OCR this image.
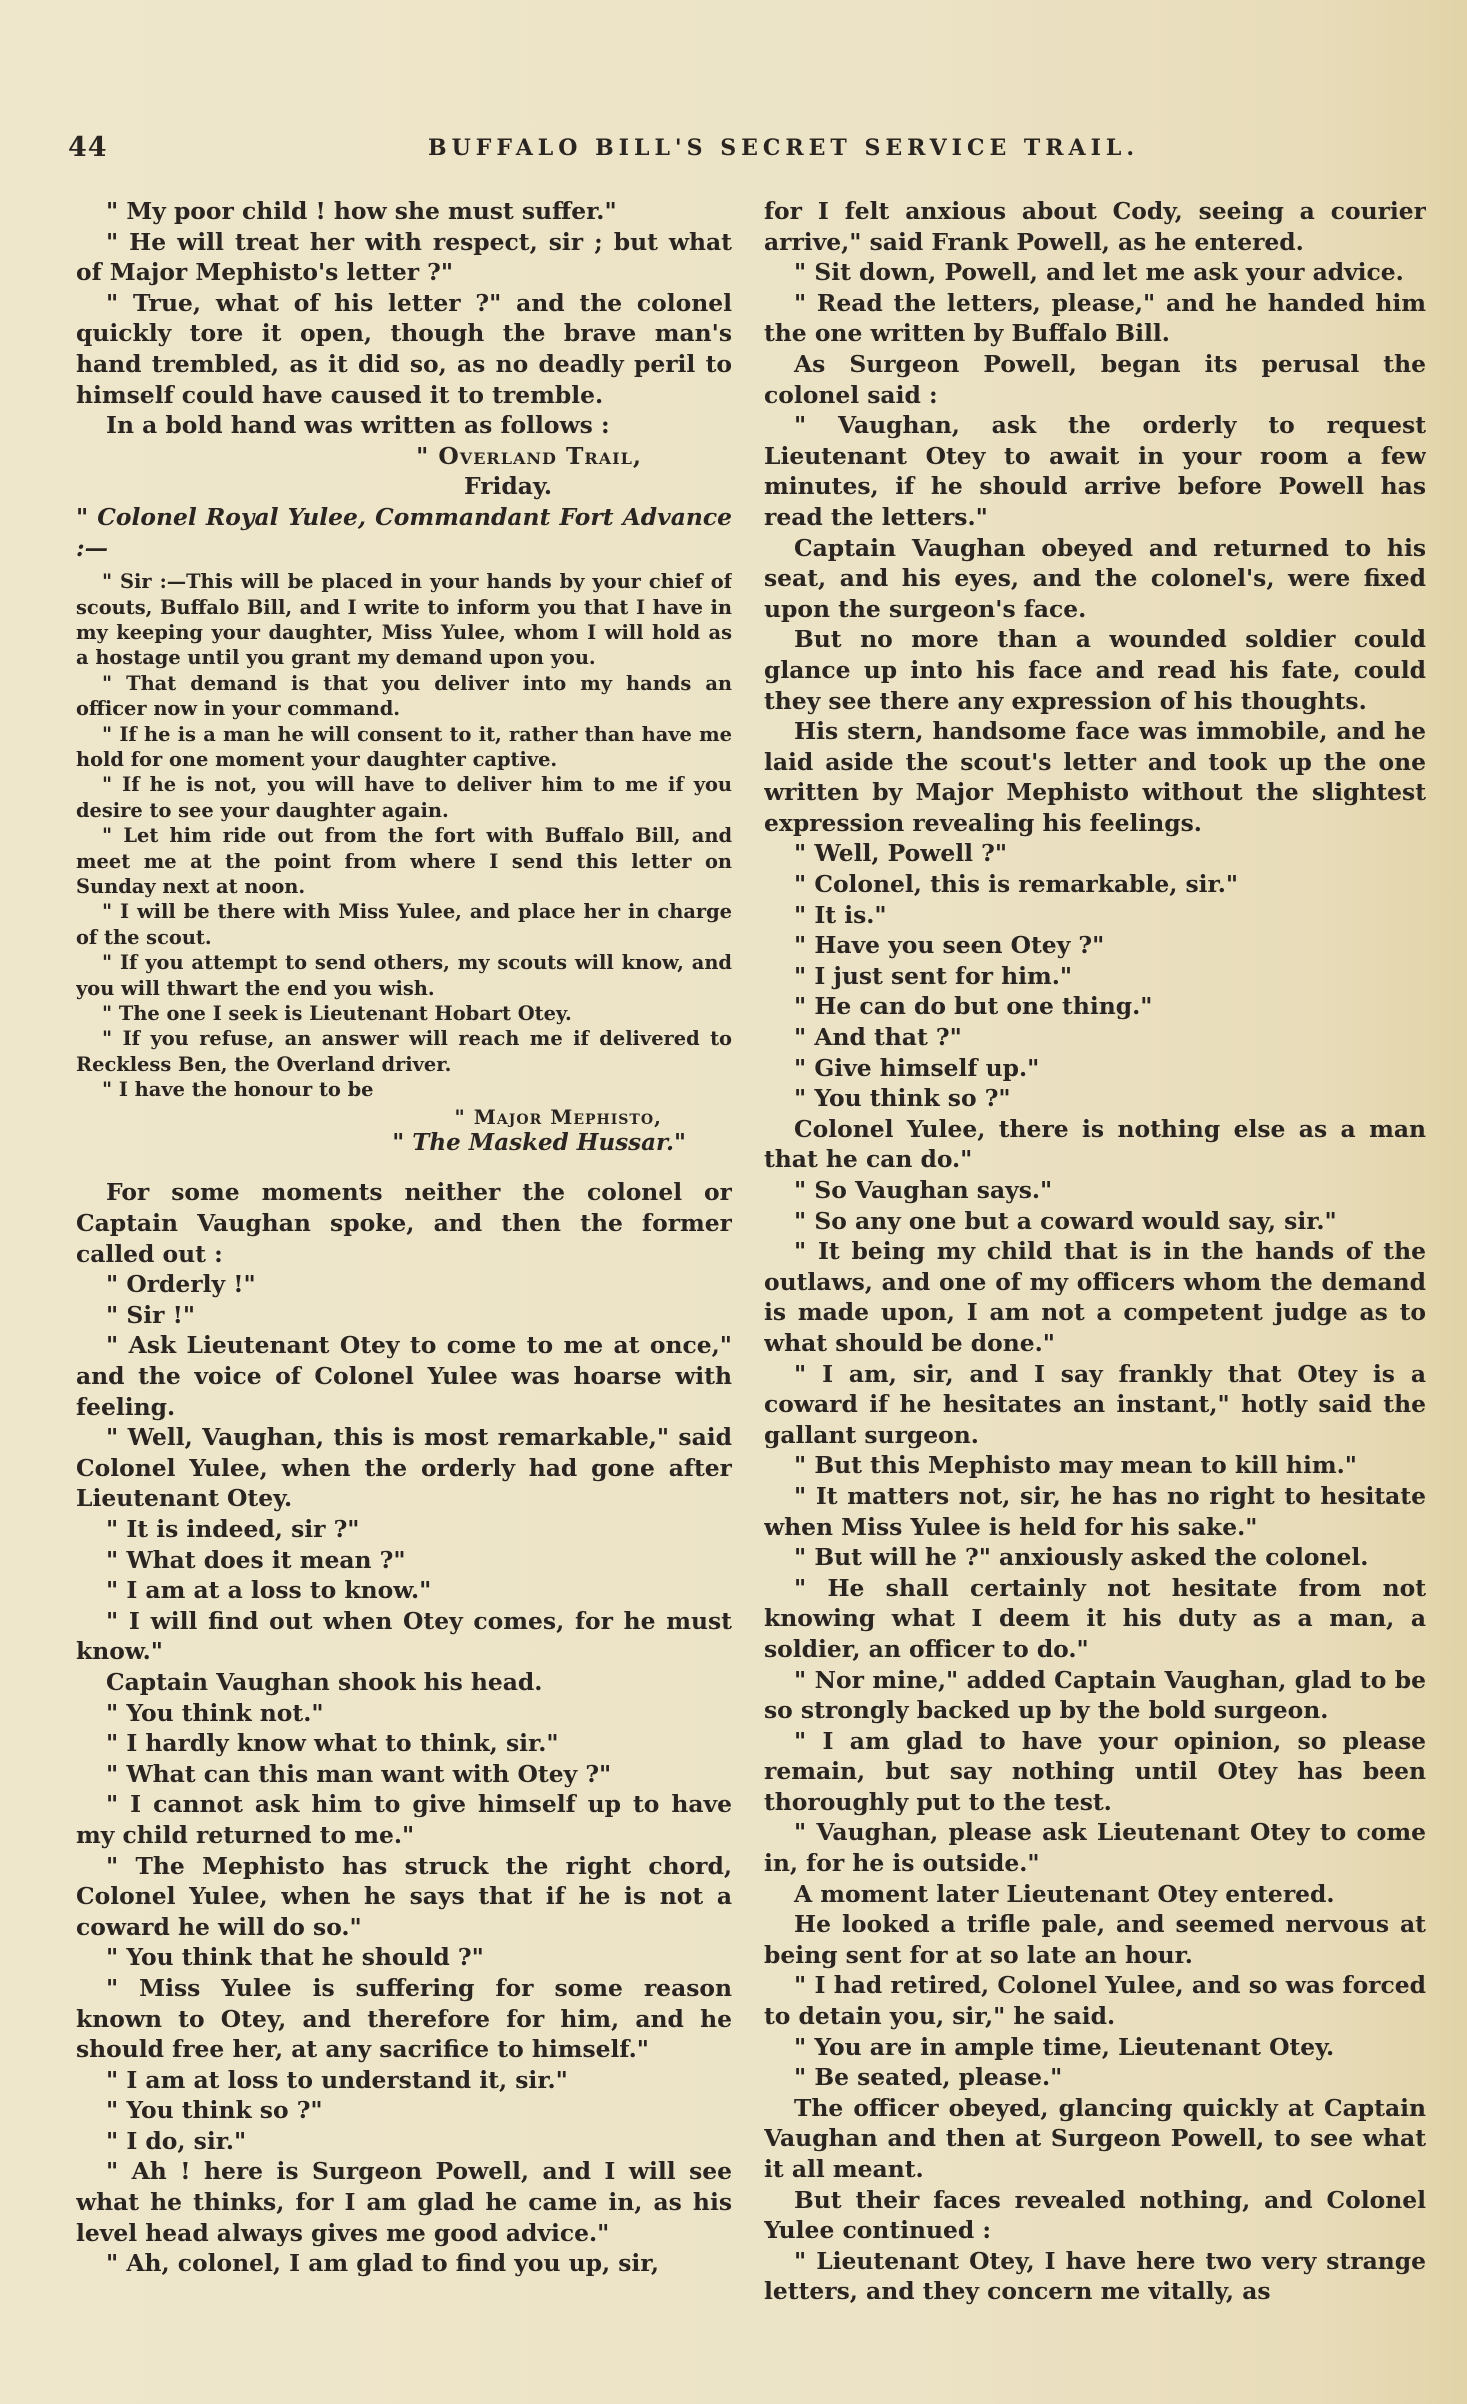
44	BUFFALO BILL'S SECRET SERVICE TRAIL.

" My poor child ! how she must suffer."

" He will treat her with respect, sir ; but what of Major Mephisto's letter ?"

" True, what of his letter ?" and the colonel quickly tore it open, though the brave man's hand trembled, as it did so, as no deadly peril to himself could have caused it to tremble.

In a bold hand was written as follows :

" Overland Trail,

Friday.

" Colonel Royal Yulee, Commandant Fort Advance :—

" Sir :—This will be placed in your hands by your chief of scouts, Buffalo Bill, and I write to inform you that I have in my keeping your daughter, Miss Yulee, whom I will hold as a hostage until you grant my demand upon you.

" That demand is that you deliver into my hands an officer now in your command.

" If he is a man he will consent to it, rather than have me hold for one moment your daughter captive.

" If he is not, you will have to deliver him to me if you desire to see your daughter again.

" Let him ride out from the fort with Buffalo Bill, and meet me at the point from where I send this letter on Sunday next at noon.

" I will be there with Miss Yulee, and place her in charge of the scout.

" If you attempt to send others, my scouts will know, and you will thwart the end you wish.

" The one I seek is Lieutenant Hobart Otey.

" If you refuse, an answer will reach me if delivered to Reckless Ben, the Overland driver.

" I have the honour to be

" Major Mephisto,

" The Masked Hussar."

For some moments neither the colonel or Captain Vaughan spoke, and then the former called out :

" Orderly !"

" Sir !"

" Ask Lieutenant Otey to come to me at once," and the voice of Colonel Yulee was hoarse with feeling.

" Well, Vaughan, this is most remarkable," said Colonel Yulee, when the orderly had gone after Lieutenant Otey.

" It is indeed, sir ?"

" What does it mean ?"

" I am at a loss to know."

" I will find out when Otey comes, for he must know."

Captain Vaughan shook his head.

" You think not."

" I hardly know what to think, sir."

" What can this man want with Otey ?"

" I cannot ask him to give himself up to have my child returned to me."

" The Mephisto has struck the right chord, Colonel Yulee, when he says that if he is not a coward he will do so."

" You think that he should ?"

" Miss Yulee is suffering for some reason known to Otey, and therefore for him, and he should free her, at any sacrifice to himself."

" I am at loss to understand it, sir."

" You think so ?"

" I do, sir."

" Ah ! here is Surgeon Powell, and I will see what he thinks, for I am glad he came in, as his level head always gives me good advice."

" Ah, colonel, I am glad to find you up, sir,

for I felt anxious about Cody, seeing a courier arrive," said Frank Powell, as he entered.

" Sit down, Powell, and let me ask your advice.

" Read the letters, please," and he handed him the one written by Buffalo Bill.

As Surgeon Powell, began its perusal the colonel said :

" Vaughan, ask the orderly to request Lieutenant Otey to await in your room a few minutes, if he should arrive before Powell has read the letters."

Captain Vaughan obeyed and returned to his seat, and his eyes, and the colonel's, were fixed upon the surgeon's face.

But no more than a wounded soldier could glance up into his face and read his fate, could they see there any expression of his thoughts.

His stern, handsome face was immobile, and he laid aside the scout's letter and took up the one written by Major Mephisto without the slightest expression revealing his feelings.

" Well, Powell ?"

" Colonel, this is remarkable, sir."

" It is."

" Have you seen Otey ?"

" I just sent for him."

" He can do but one thing."

" And that ?"

" Give himself up."

" You think so ?"

Colonel Yulee, there is nothing else as a man that he can do."

" So Vaughan says."

" So any one but a coward would say, sir."

" It being my child that is in the hands of the outlaws, and one of my officers whom the demand is made upon, I am not a competent judge as to what should be done."

" I am, sir, and I say frankly that Otey is a coward if he hesitates an instant," hotly said the gallant surgeon.

" But this Mephisto may mean to kill him."

" It matters not, sir, he has no right to hesitate when Miss Yulee is held for his sake."

" But will he ?" anxiously asked the colonel.

" He shall certainly not hesitate from not knowing what I deem it his duty as a man, a soldier, an officer to do."

" Nor mine," added Captain Vaughan, glad to be so strongly backed up by the bold surgeon.

" I am glad to have your opinion, so please remain, but say nothing until Otey has been thoroughly put to the test.

" Vaughan, please ask Lieutenant Otey to come in, for he is outside."

A moment later Lieutenant Otey entered.

He looked a trifle pale, and seemed nervous at being sent for at so late an hour.

" I had retired, Colonel Yulee, and so was forced to detain you, sir," he said.

" You are in ample time, Lieutenant Otey.

" Be seated, please."

The officer obeyed, glancing quickly at Captain Vaughan and then at Surgeon Powell, to see what it all meant.

But their faces revealed nothing, and Colonel Yulee continued :

" Lieutenant Otey, I have here two very strange letters, and they concern me vitally, as
